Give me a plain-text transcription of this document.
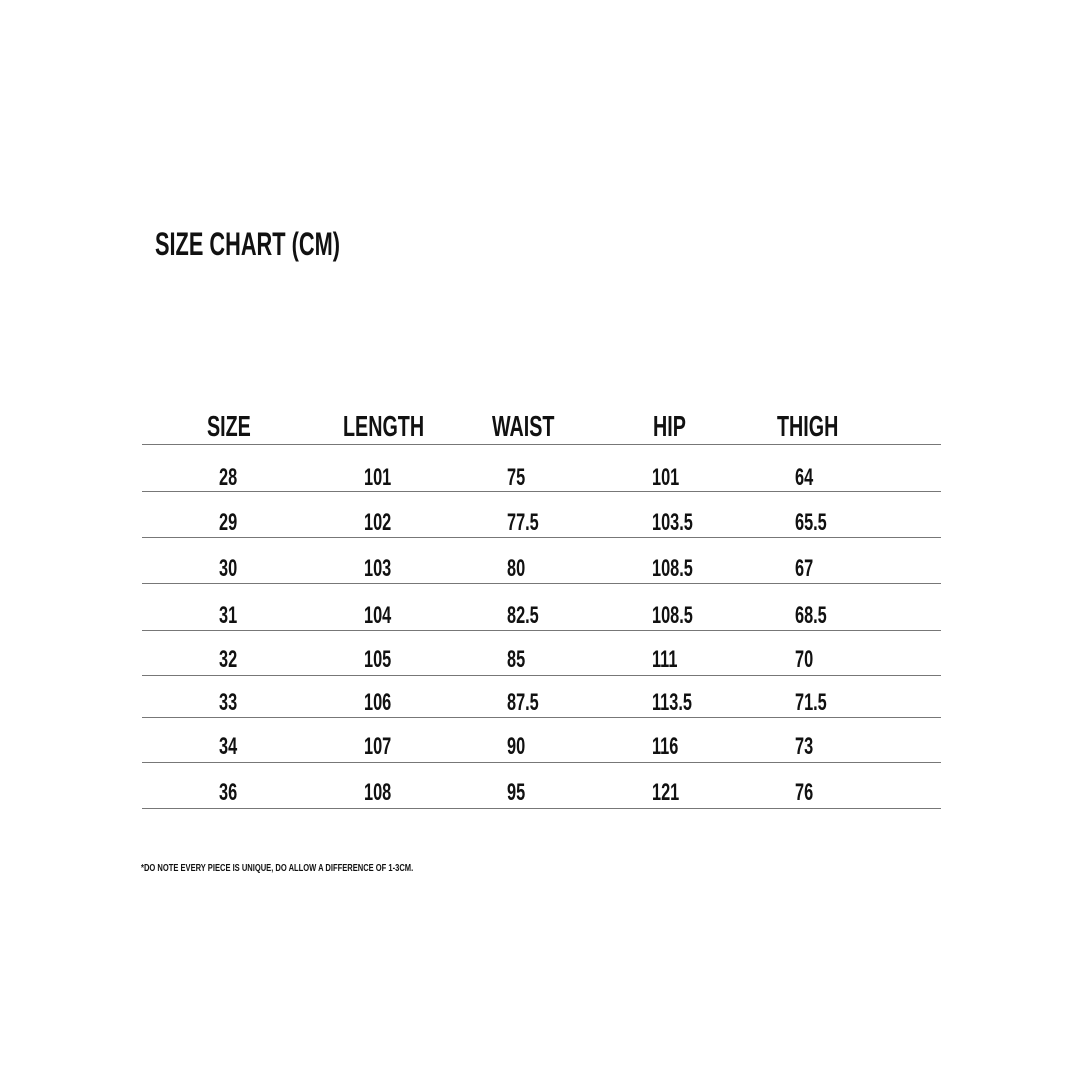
SIZE CHART (CM)
SIZE	LENGTH WAIST	HIP	THIGH
28	101	75	101	64
29	102	77.5	103.5	65.5
30	103	80	108.5	67
31	104	82.5	108.5	68.5
32	105	85	111	70
33	106	87.5	113.5	71.5
34	107	90	116	73
36	108	95	121	76
*DO NOTE EVERY PIECE IS UNIQUE, DO ALLOW A DIFFERENCE OF 1-3CM.
